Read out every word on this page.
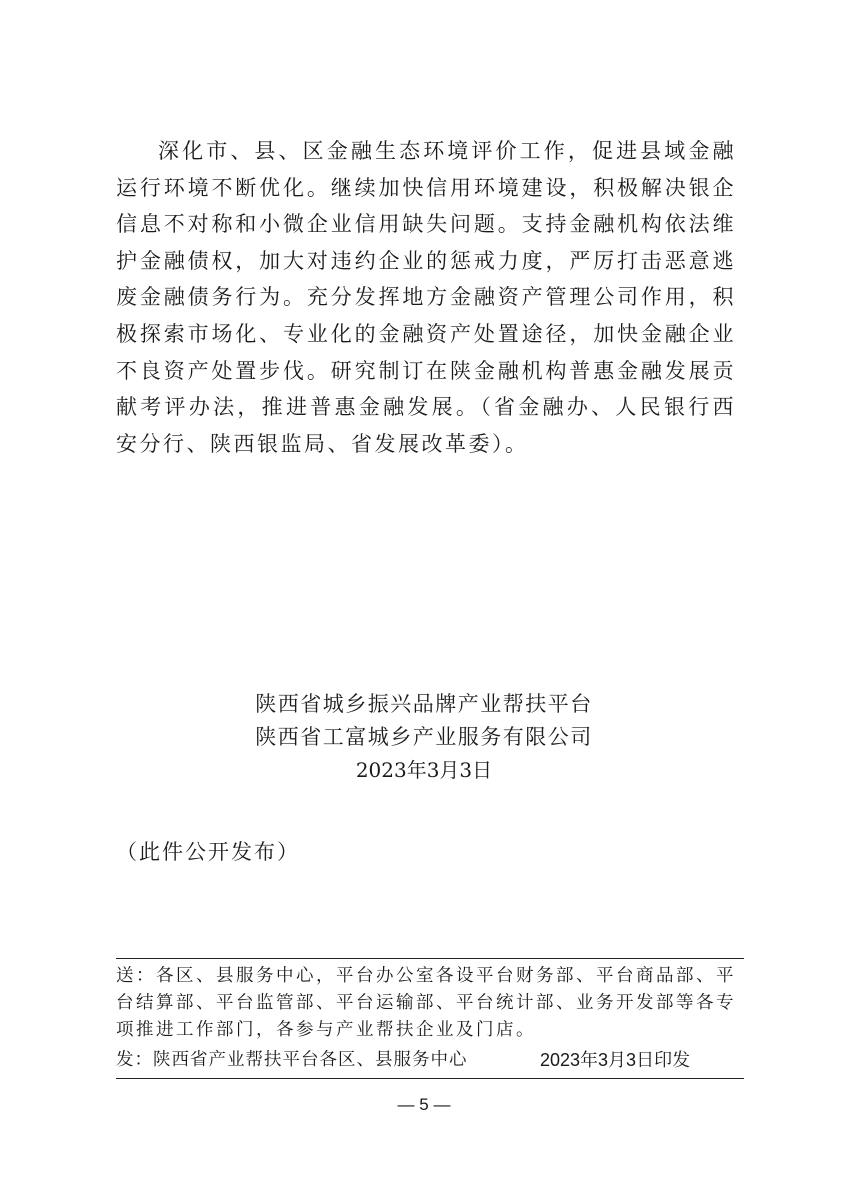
深化市、县、区金融生态环境评价工作，促进县域金融运行环境不断优化。继续加快信用环境建设，积极解决银企信息不对称和小微企业信用缺失问题。支持金融机构依法维护金融债权，加大对违约企业的惩戒力度，严厉打击恶意逃废金融债务行为。充分发挥地方金融资产管理公司作用，积极探索市场化、专业化的金融资产处置途径，加快金融企业不良资产处置步伐。研究制订在陕金融机构普惠金融发展贡献考评办法，推进普惠金融发展。（省金融办、人民银行西安分行、陕西银监局、省发展改革委）。

陕西省城乡振兴品牌产业帮扶平台
陕西省工富城乡产业服务有限公司
2023年3月3日
（此件公开发布）

送：各区、县服务中心，平台办公室各设平台财务部、平台商品部、平台结算部、平台监管部、平台运输部、平台统计部、业务开发部等各专项推进工作部门，各参与产业帮扶企业及门店。

发：陕西省产业帮扶平台各区、县服务中心	2023年3月3日印发
— 5 —
